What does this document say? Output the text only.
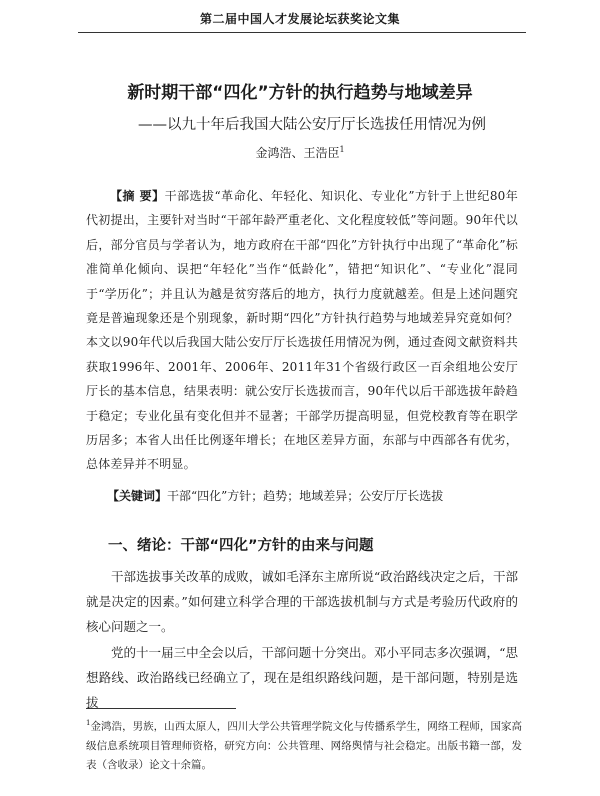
第二届中国人才发展论坛获奖论文集
新时期干部“四化”方针的执行趋势与地域差异
——以九十年后我国大陆公安厅厅长选拔任用情况为例
金鸿浩、王浩臣$^1$
【摘 要】干部选拔“革命化、年轻化、知识化、专业化”方针于上世纪80年代初提出，主要针对当时“干部年龄严重老化、文化程度较低”等问题。90年代以后，部分官员与学者认为，地方政府在干部“四化”方针执行中出现了“革命化”标准简单化倾向、误把“年轻化”当作“低龄化”，错把“知识化”、“专业化”混同于“学历化”；并且认为越是贫穷落后的地方，执行力度就越差。但是上述问题究竟是普遍现象还是个别现象，新时期“四化”方针执行趋势与地域差异究竟如何？本文以90年代以后我国大陆公安厅厅长选拔任用情况为例，通过查阅文献资料共获取1996年、2001年、2006年、2011年31个省级行政区一百余组地公安厅厅长的基本信息，结果表明：就公安厅长选拔而言，90年代以后干部选拔年龄趋于稳定；专业化虽有变化但并不显著；干部学历提高明显，但党校教育等在职学历居多；本省人出任比例逐年增长；在地区差异方面，东部与中西部各有优劣，总体差异并不明显。
【关键词】干部“四化”方针；趋势；地域差异；公安厅厅长选拔
一、绪论：干部“四化”方针的由来与问题
干部选拔事关改革的成败，诚如毛泽东主席所说“政治路线决定之后，干部就是决定的因素。”如何建立科学合理的干部选拔机制与方式是考验历代政府的核心问题之一。
党的十一届三中全会以后，干部问题十分突出。邓小平同志多次强调，“思想路线、政治路线已经确立了，现在是组织路线问题，是干部问题，特别是选拔
$^1$金鸿浩，男族，山西太原人，四川大学公共管理学院文化与传播系学生，网络工程师，国家高级信息系统项目管理师资格，研究方向：公共管理、网络舆情与社会稳定。出版书籍一部，发表（含收录）论文十余篇。
